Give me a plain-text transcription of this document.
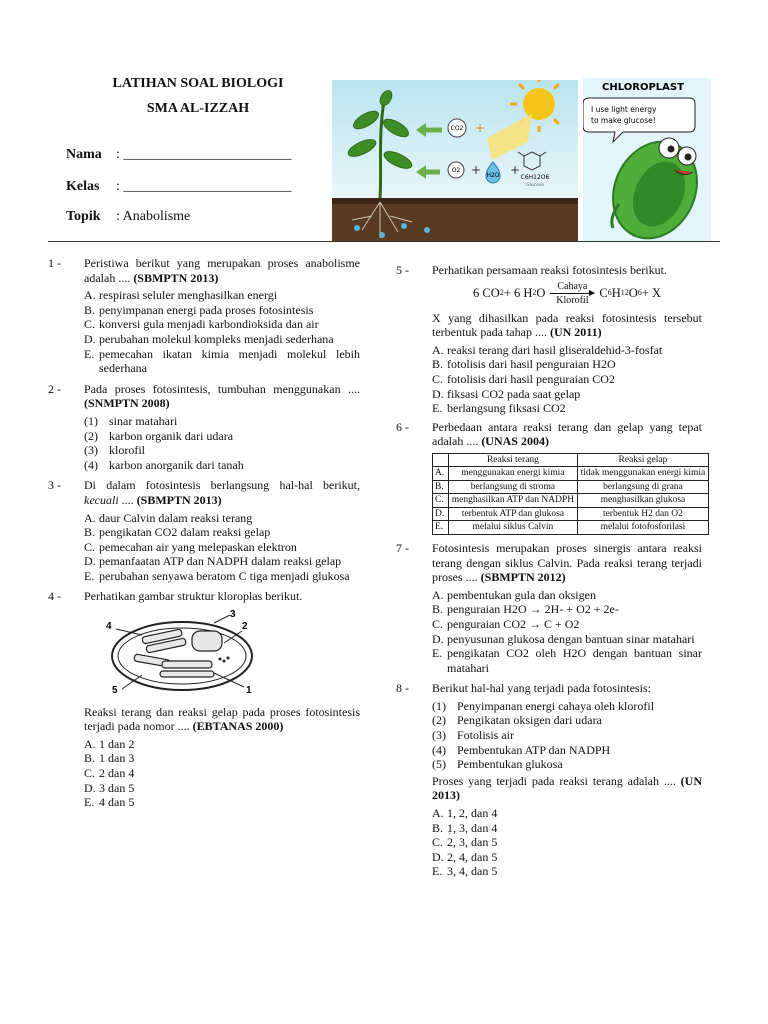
LATIHAN SOAL BIOLOGI
SMA AL-IZZAH
Nama : ________________________
Kelas : ________________________
Topik : Anabolisme
CO2 +
O2 + H2O +
C6H12O6
Glucose
CHLOROPLAST
I use light energy
to make glucose!
1 - Peristiwa berikut yang merupakan proses anabolisme adalah .... (SBMPTN 2013)
A. respirasi seluler menghasilkan energi
B. penyimpanan energi pada proses fotosintesis
C. konversi gula menjadi karbondioksida dan air
D. perubahan molekul kompleks menjadi sederhana
E. pemecahan ikatan kimia menjadi molekul lebih sederhana
2 - Pada proses fotosintesis, tumbuhan menggunakan .... (SNMPTN 2008)
(1) sinar matahari
(2) karbon organik dari udara
(3) klorofil
(4) karbon anorganik dari tanah
3 - Di dalam fotosintesis berlangsung hal-hal berikut, kecuali .... (SBMPTN 2013)
A. daur Calvin dalam reaksi terang
B. pengikatan CO2 dalam reaksi gelap
C. pemecahan air yang melepaskan elektron
D. pemanfaatan ATP dan NADPH dalam reaksi gelap
E. perubahan senyawa beratom C tiga menjadi glukosa
4 - Perhatikan gambar struktur kloroplas berikut.
4	2
3
1
5
Reaksi terang dan reaksi gelap pada proses fotosintesis terjadi pada nomor .... (EBTANAS 2000)
A. 1 dan 2
B. 1 dan 3
C. 2 dan 4
D. 3 dan 5
E. 4 dan 5
5 - Perhatikan persamaan reaksi fotosintesis berikut.
6 CO 2 + 6 H 2 O Cahaya
Klorofil
C 6 H 12 O 6 + X
X yang dihasilkan pada reaksi fotosintesis tersebut terbentuk pada tahap .... (UN 2011)
A. reaksi terang dari hasil gliseraldehid-3-fosfat
B. fotolisis dari hasil penguraian H2O
C. fotolisis dari hasil penguraian CO2
D. fiksasi CO2 pada saat gelap
E. berlangsung fiksasi CO2
6 - Perbedaan antara reaksi terang dan gelap yang tepat adalah .... (UNAS 2004)
	Reaksi terang	Reaksi gelap
A.	menggunakan energi kimia	tidak menggunakan energi kimia
B.	berlangsung di stroma	berlangsung di grana
C.	menghasilkan ATP dan NADPH	menghasilkan glukosa
D.	terbentuk ATP dan glukosa	terbentuk H2 dan O2
E.	melalui siklus Calvin	melalui fotofosforilasi
7 - Fotosintesis merupakan proses sinergis antara reaksi terang dengan siklus Calvin. Pada reaksi terang terjadi proses .... (SBMPTN 2012)
A. pembentukan gula dan oksigen
B. penguraian H2O → 2H- + O2 + 2e-
C. penguraian CO2 → C + O2
D. penyusunan glukosa dengan bantuan sinar matahari
E. pengikatan CO2 oleh H2O dengan bantuan sinar matahari
8 - Berikut hal-hal yang terjadi pada fotosintesis:
(1) Penyimpanan energi cahaya oleh klorofil
(2) Pengikatan oksigen dari udara
(3) Fotolisis air
(4) Pembentukan ATP dan NADPH
(5) Pembentukan glukosa
Proses yang terjadi pada reaksi terang adalah .... (UN 2013)
A. 1, 2, dan 4
B. 1, 3, dan 4
C. 2, 3, dan 5
D. 2, 4, dan 5
E. 3, 4, dan 5
